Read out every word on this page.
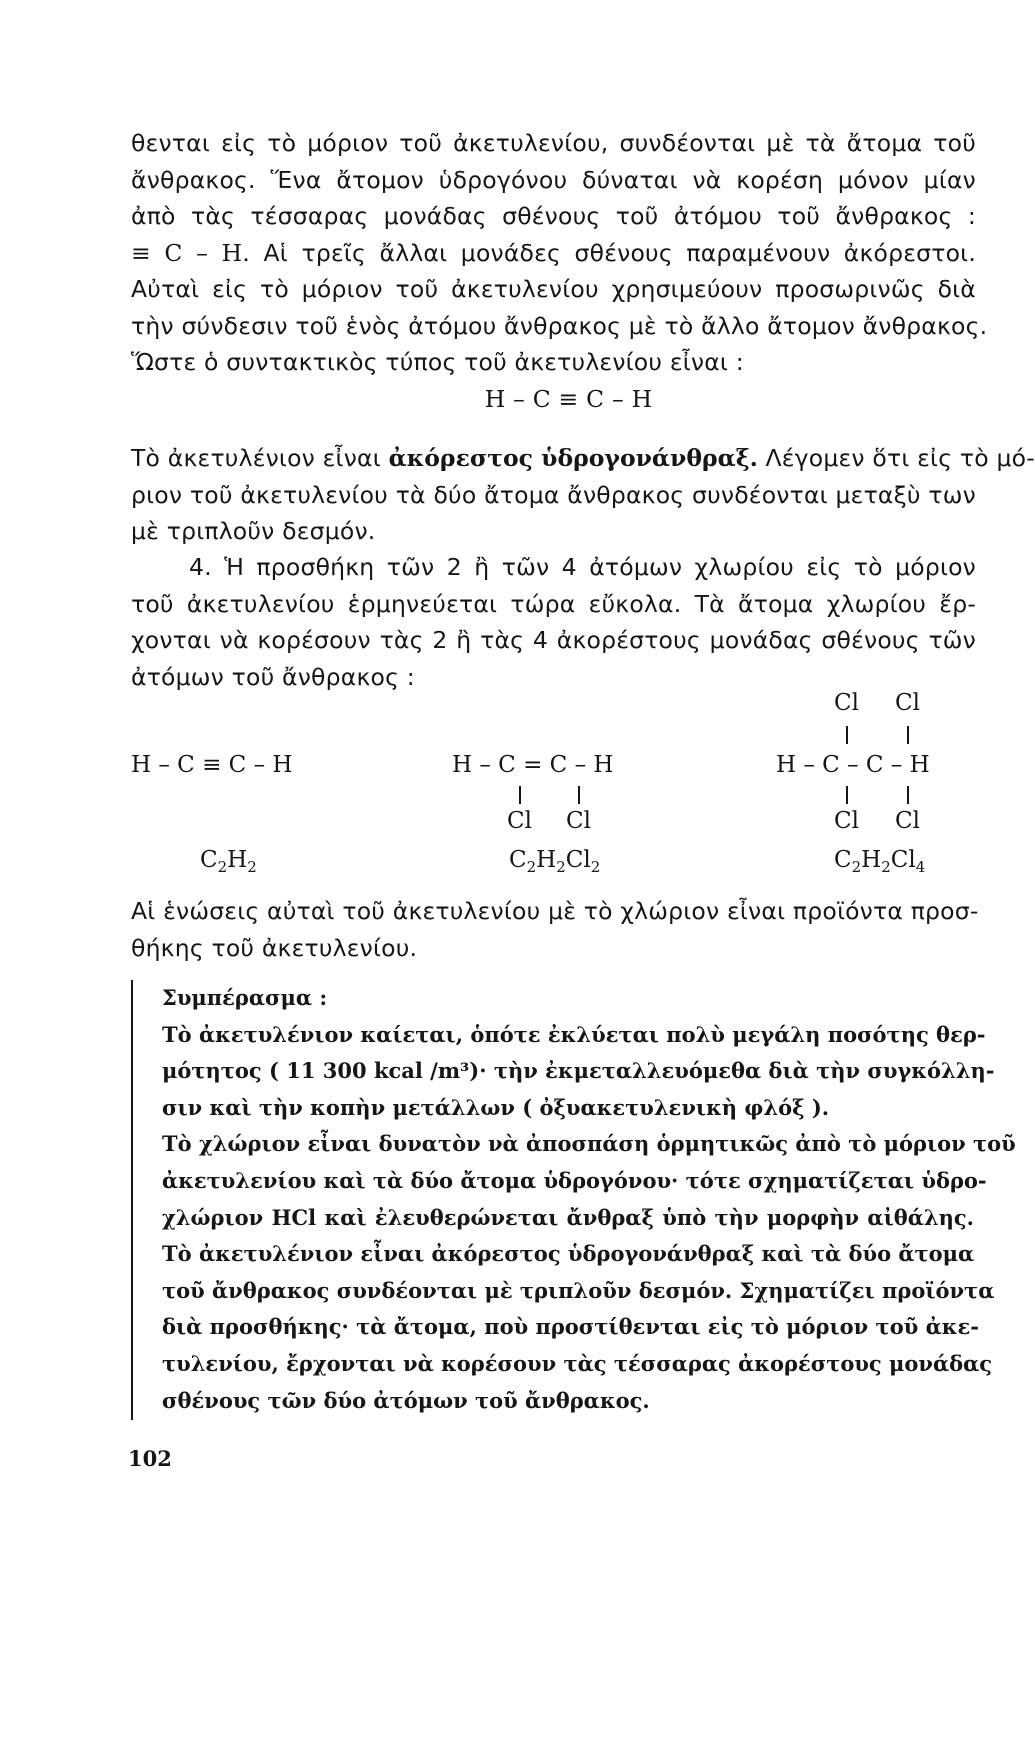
θενται εἰς τὸ μόριον τοῦ ἀκετυλενίου, συνδέονται μὲ τὰ ἄτομα τοῦ
ἄνθρακος. Ἕνα ἄτομον ὑδρογόνου δύναται νὰ κορέση μόνον μίαν
ἀπὸ τὰς τέσσαρας μονάδας σθένους τοῦ ἀτόμου τοῦ ἄνθρακος :
≡ C – H. Αἱ τρεῖς ἄλλαι μονάδες σθένους παραμένουν ἀκόρεστοι.
Αὐταὶ εἰς τὸ μόριον τοῦ ἀκετυλενίου χρησιμεύουν προσωρινῶς διὰ
τὴν σύνδεσιν τοῦ ἑνὸς ἀτόμου ἄνθρακος μὲ τὸ ἄλλο ἄτομον ἄνθρακος.
Ὥστε ὁ συντακτικὸς τύπος τοῦ ἀκετυλενίου εἶναι :
H – C ≡ C – H
Τὸ ἀκετυλένιον εἶναι ἀκόρεστος ὑδρογονάνθραξ. Λέγομεν ὅτι εἰς τὸ μό-
ριον τοῦ ἀκετυλενίου τὰ δύο ἄτομα ἄνθρακος συνδέονται μεταξὺ των
μὲ τριπλοῦν δεσμόν.
4. Ἡ προσθήκη τῶν 2 ἢ τῶν 4 ἀτόμων χλωρίου εἰς τὸ μόριον
τοῦ ἀκετυλενίου ἑρμηνεύεται τώρα εὔκολα. Τὰ ἄτομα χλωρίου ἔρ-
χονται νὰ κορέσουν τὰς 2 ἢ τὰς 4 ἀκορέστους μονάδας σθένους τῶν
ἀτόμων τοῦ ἄνθρακος :
H – C ≡ C – H
$C_2H_2$
H – C = C – H
Cl Cl
$C_2H_2Cl_2$
Cl Cl
H – C – C – H
Cl Cl
$C_2H_2Cl_4$
Αἱ ἑνώσεις αὐταὶ τοῦ ἀκετυλενίου μὲ τὸ χλώριον εἶναι προϊόντα προσ-
θήκης τοῦ ἀκετυλενίου.
Συμπέρασμα :
Τὸ ἀκετυλένιον καίεται, ὁπότε ἐκλύεται πολὺ μεγάλη ποσότης θερ-
μότητος ( 11 300 kcal /m³)· τὴν ἐκμεταλλευόμεθα διὰ τὴν συγκόλλη-
σιν καὶ τὴν κοπὴν μετάλλων ( ὀξυακετυλενικὴ φλόξ ).
Τὸ χλώριον εἶναι δυνατὸν νὰ ἀποσπάση ὁρμητικῶς ἀπὸ τὸ μόριον τοῦ
ἀκετυλενίου καὶ τὰ δύο ἄτομα ὑδρογόνου· τότε σχηματίζεται ὑδρο-
χλώριον HCl καὶ ἐλευθερώνεται ἄνθραξ ὑπὸ τὴν μορφὴν αἰθάλης.
Τὸ ἀκετυλένιον εἶναι ἀκόρεστος ὑδρογονάνθραξ καὶ τὰ δύο ἄτομα
τοῦ ἄνθρακος συνδέονται μὲ τριπλοῦν δεσμόν. Σχηματίζει προϊόντα
διὰ προσθήκης· τὰ ἄτομα, ποὺ προστίθενται εἰς τὸ μόριον τοῦ ἀκε-
τυλενίου, ἔρχονται νὰ κορέσουν τὰς τέσσαρας ἀκορέστους μονάδας
σθένους τῶν δύο ἀτόμων τοῦ ἄνθρακος.
102
